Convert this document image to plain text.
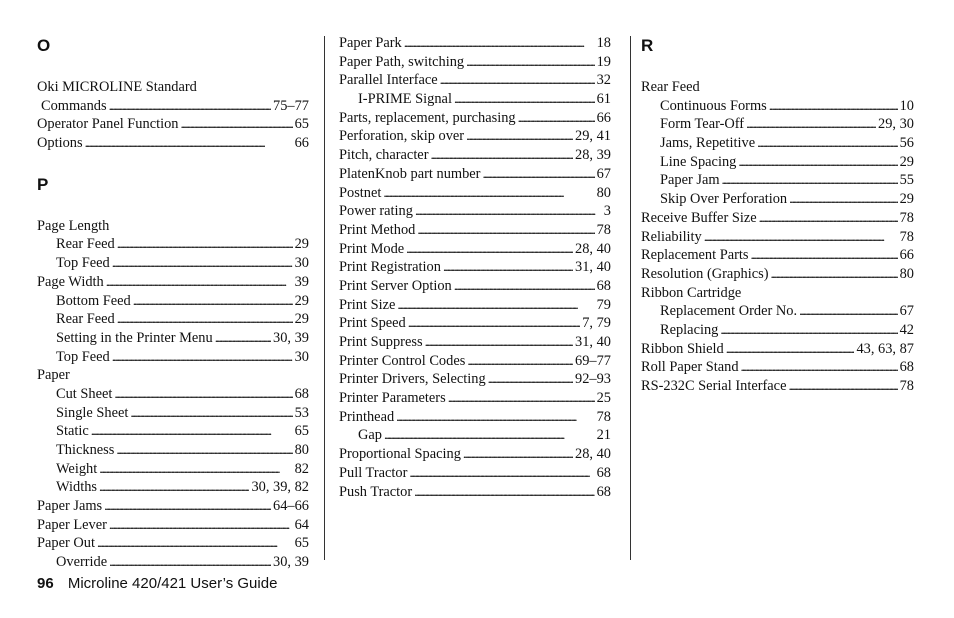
O
Oki MICROLINE Standard
Commands . . .	75–77
Operator Panel Function . . .	65
Options . . .	66
P
Page Length
Rear Feed . . .	29
Top Feed . . .	30
Page Width . . .	39
Bottom Feed . . .	29
Rear Feed . . .	29
Setting in the Printer Menu . . .	30, 39
Top Feed . . .	30
Paper
Cut Sheet . . .	68
Single Sheet . . .	53
Static . . .	65
Thickness . . .	80
Weight . . .	82
Widths . . .	30, 39, 82
Paper Jams . . .	64–66
Paper Lever . . .	64
Paper Out . . .	65
Override . . .	30, 39
Paper Park . . .	18
Paper Path, switching . . .	19
Parallel Interface . . .	32
I-PRIME Signal . . .	61
Parts, replacement, purchasing . . .	66
Perforation, skip over . . .	29, 41
Pitch, character . . .	28, 39
PlatenKnob part number . . .	67
Postnet . . .	80
Power rating . . .	3
Print Method . . .	78
Print Mode . . .	28, 40
Print Registration . . .	31, 40
Print Server Option . . .	68
Print Size . . .	79
Print Speed . . .	7, 79
Print Suppress . . .	31, 40
Printer Control Codes . . .	69–77
Printer Drivers, Selecting . . .	92–93
Printer Parameters . . .	25
Printhead . . .	78
Gap . . .	21
Proportional Spacing . . .	28, 40
Pull Tractor . . .	68
Push Tractor . . .	68
R
Rear Feed
Continuous Forms . . .	10
Form Tear-Off . . .	29, 30
Jams, Repetitive . . .	56
Line Spacing . . .	29
Paper Jam . . .	55
Skip Over Perforation . . .	29
Receive Buffer Size . . .	78
Reliability . . .	78
Replacement Parts . . .	66
Resolution (Graphics) . . .	80
Ribbon Cartridge
Replacement Order No. . . .	67
Replacing . . .	42
Ribbon Shield . . .	43, 63, 87
Roll Paper Stand . . .	68
RS-232C Serial Interface . . .	78
96 Microline 420/421 User’s Guide
